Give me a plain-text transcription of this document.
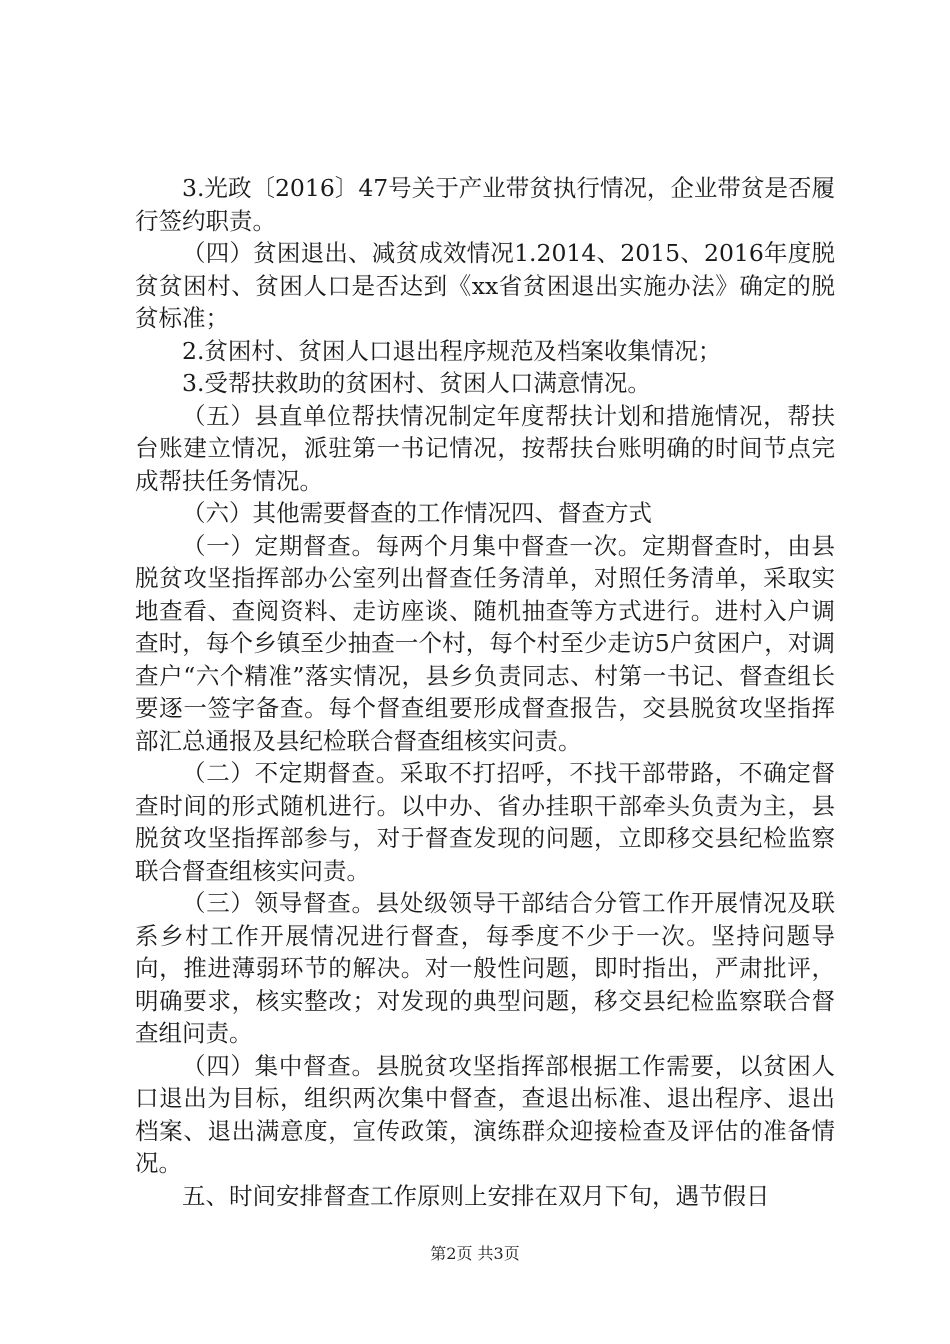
3.光政〔2016〕47号关于产业带贫执行情况，企业带贫是否履行签约职责。

（四）贫困退出、减贫成效情况1.2014、2015、2016年度脱贫贫困村、贫困人口是否达到《xx省贫困退出实施办法》确定的脱贫标准；

2.贫困村、贫困人口退出程序规范及档案收集情况；

3.受帮扶救助的贫困村、贫困人口满意情况。

（五）县直单位帮扶情况制定年度帮扶计划和措施情况，帮扶台账建立情况，派驻第一书记情况，按帮扶台账明确的时间节点完成帮扶任务情况。

（六）其他需要督查的工作情况四、督查方式

（一）定期督查。每两个月集中督查一次。定期督查时，由县脱贫攻坚指挥部办公室列出督查任务清单，对照任务清单，采取实地查看、查阅资料、走访座谈、随机抽查等方式进行。进村入户调查时，每个乡镇至少抽查一个村，每个村至少走访5户贫困户，对调查户“六个精准”落实情况，县乡负责同志、村第一书记、督查组长要逐一签字备查。每个督查组要形成督查报告，交县脱贫攻坚指挥部汇总通报及县纪检联合督查组核实问责。

（二）不定期督查。采取不打招呼，不找干部带路，不确定督查时间的形式随机进行。以中办、省办挂职干部牵头负责为主，县脱贫攻坚指挥部参与，对于督查发现的问题，立即移交县纪检监察联合督查组核实问责。

（三）领导督查。县处级领导干部结合分管工作开展情况及联系乡村工作开展情况进行督查，每季度不少于一次。坚持问题导向，推进薄弱环节的解决。对一般性问题，即时指出，严肃批评，明确要求，核实整改；对发现的典型问题，移交县纪检监察联合督查组问责。

（四）集中督查。县脱贫攻坚指挥部根据工作需要，以贫困人口退出为目标，组织两次集中督查，查退出标准、退出程序、退出档案、退出满意度，宣传政策，演练群众迎接检查及评估的准备情况。

五、时间安排督查工作原则上安排在双月下旬，遇节假日

第2页 共3页
